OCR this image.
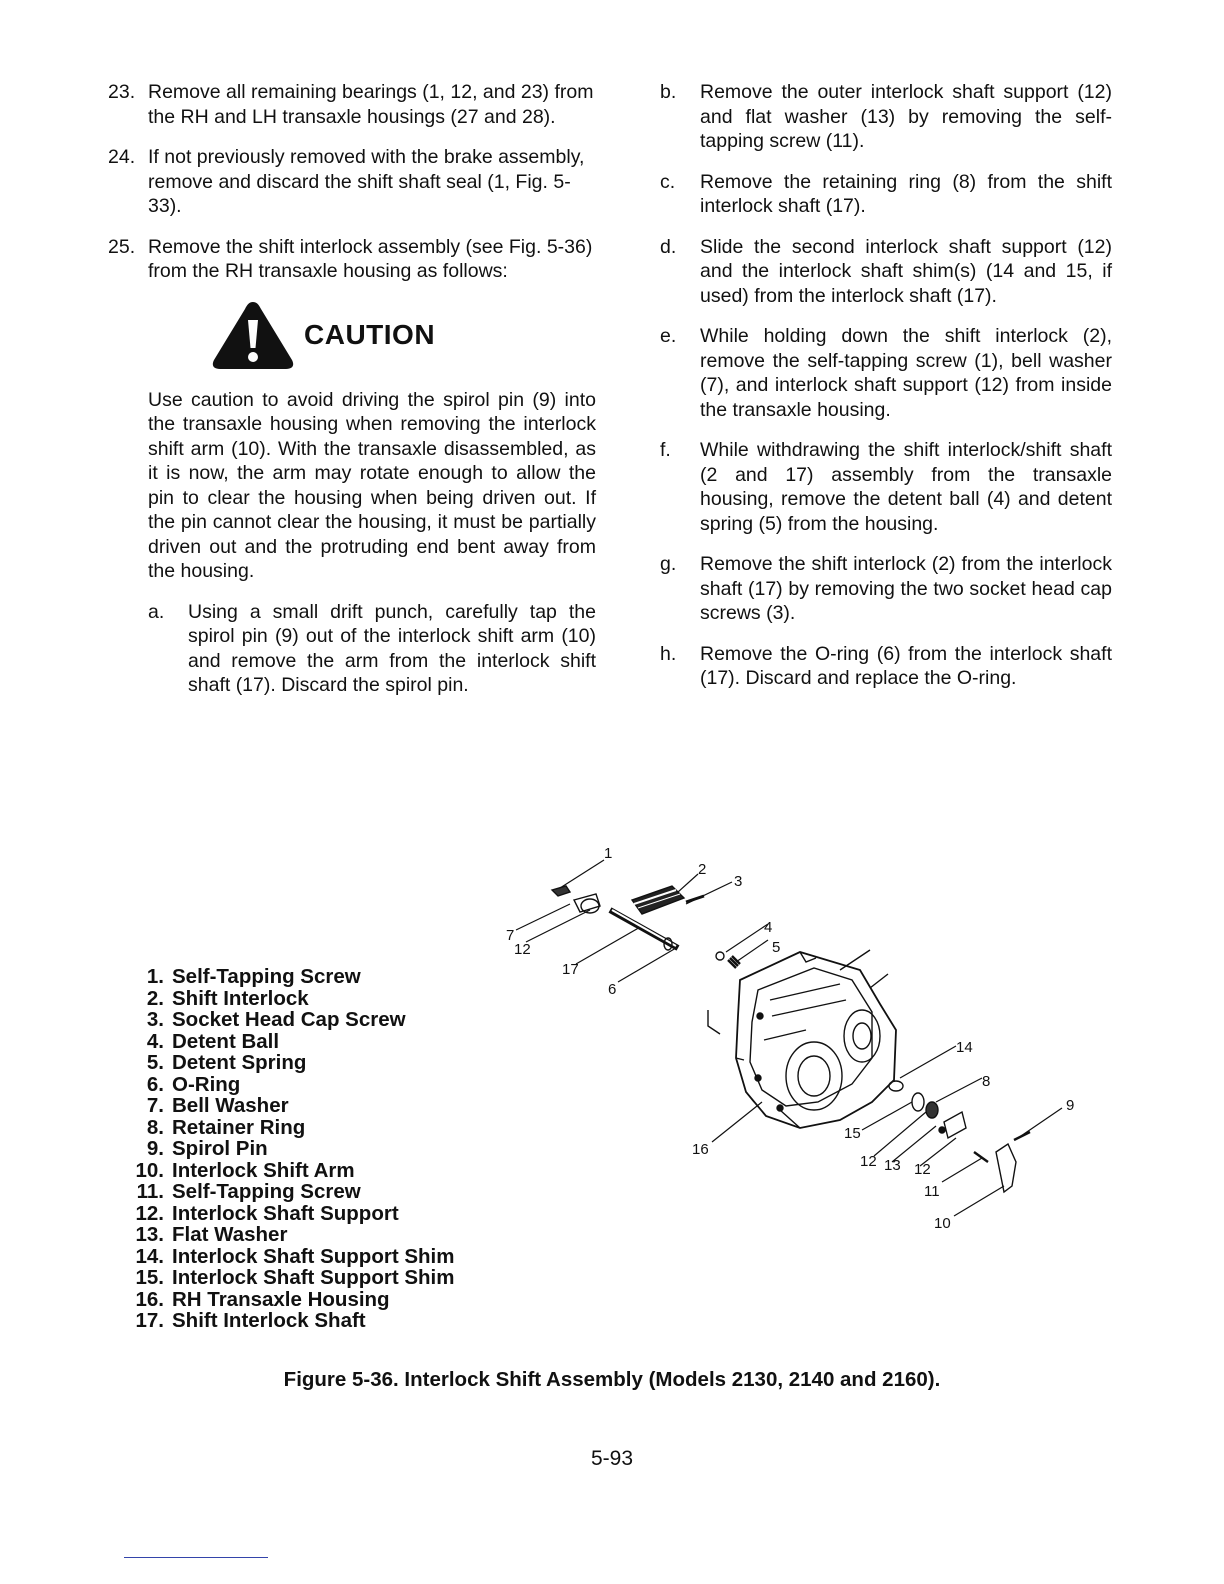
23. Remove all remaining bearings (1, 12, and 23) from the RH and LH transaxle housings (27 and 28).
24. If not previously removed with the brake assembly, remove and discard the shift shaft seal (1, Fig. 5-33).
25. Remove the shift interlock assembly (see Fig. 5-36) from the RH transaxle housing as follows:
CAUTION

Use caution to avoid driving the spirol pin (9) into the transaxle housing when removing the interlock shift arm (10). With the transaxle disassembled, as it is now, the arm may rotate enough to allow the pin to clear the housing when being driven out. If the pin cannot clear the housing, it must be partially driven out and the protruding end bent away from the housing.

a.	Using a small drift punch, carefully tap the spirol pin (9) out of the interlock shift arm (10) and remove the arm from the interlock shift shaft (17). Discard the spirol pin.
b.	Remove the outer interlock shaft support (12) and flat washer (13) by removing the self-tapping screw (11).
c.	Remove the retaining ring (8) from the shift interlock shaft (17).
d.	Slide the second interlock shaft support (12) and the interlock shaft shim(s) (14 and 15, if used) from the interlock shaft (17).
e.	While holding down the shift interlock (2), remove the self-tapping screw (1), bell washer (7), and interlock shaft support (12) from inside the transaxle housing.
f.	While withdrawing the shift interlock/shift shaft (2 and 17) assembly from the transaxle housing, remove the detent ball (4) and detent spring (5) from the housing.
g.	Remove the shift interlock (2) from the interlock shaft (17) by removing the two socket head cap screws (3).
h.	Remove the O-ring (6) from the interlock shaft (17). Discard and replace the O-ring.
1. Self-Tapping Screw
2. Shift Interlock
3. Socket Head Cap Screw
4. Detent Ball
5. Detent Spring
6. O-Ring
7. Bell Washer
8. Retainer Ring
9. Spirol Pin
10. Interlock Shift Arm
11. Self-Tapping Screw
12. Interlock Shaft Support
13. Flat Washer
14. Interlock Shaft Support Shim
15. Interlock Shaft Support Shim
16. RH Transaxle Housing
17. Shift Interlock Shaft
1
2
3
4
5
6
7
8
9
10
11
12
12 12
13
14
15
16
17
Figure 5-36. Interlock Shift Assembly (Models 2130, 2140 and 2160).
5-93
